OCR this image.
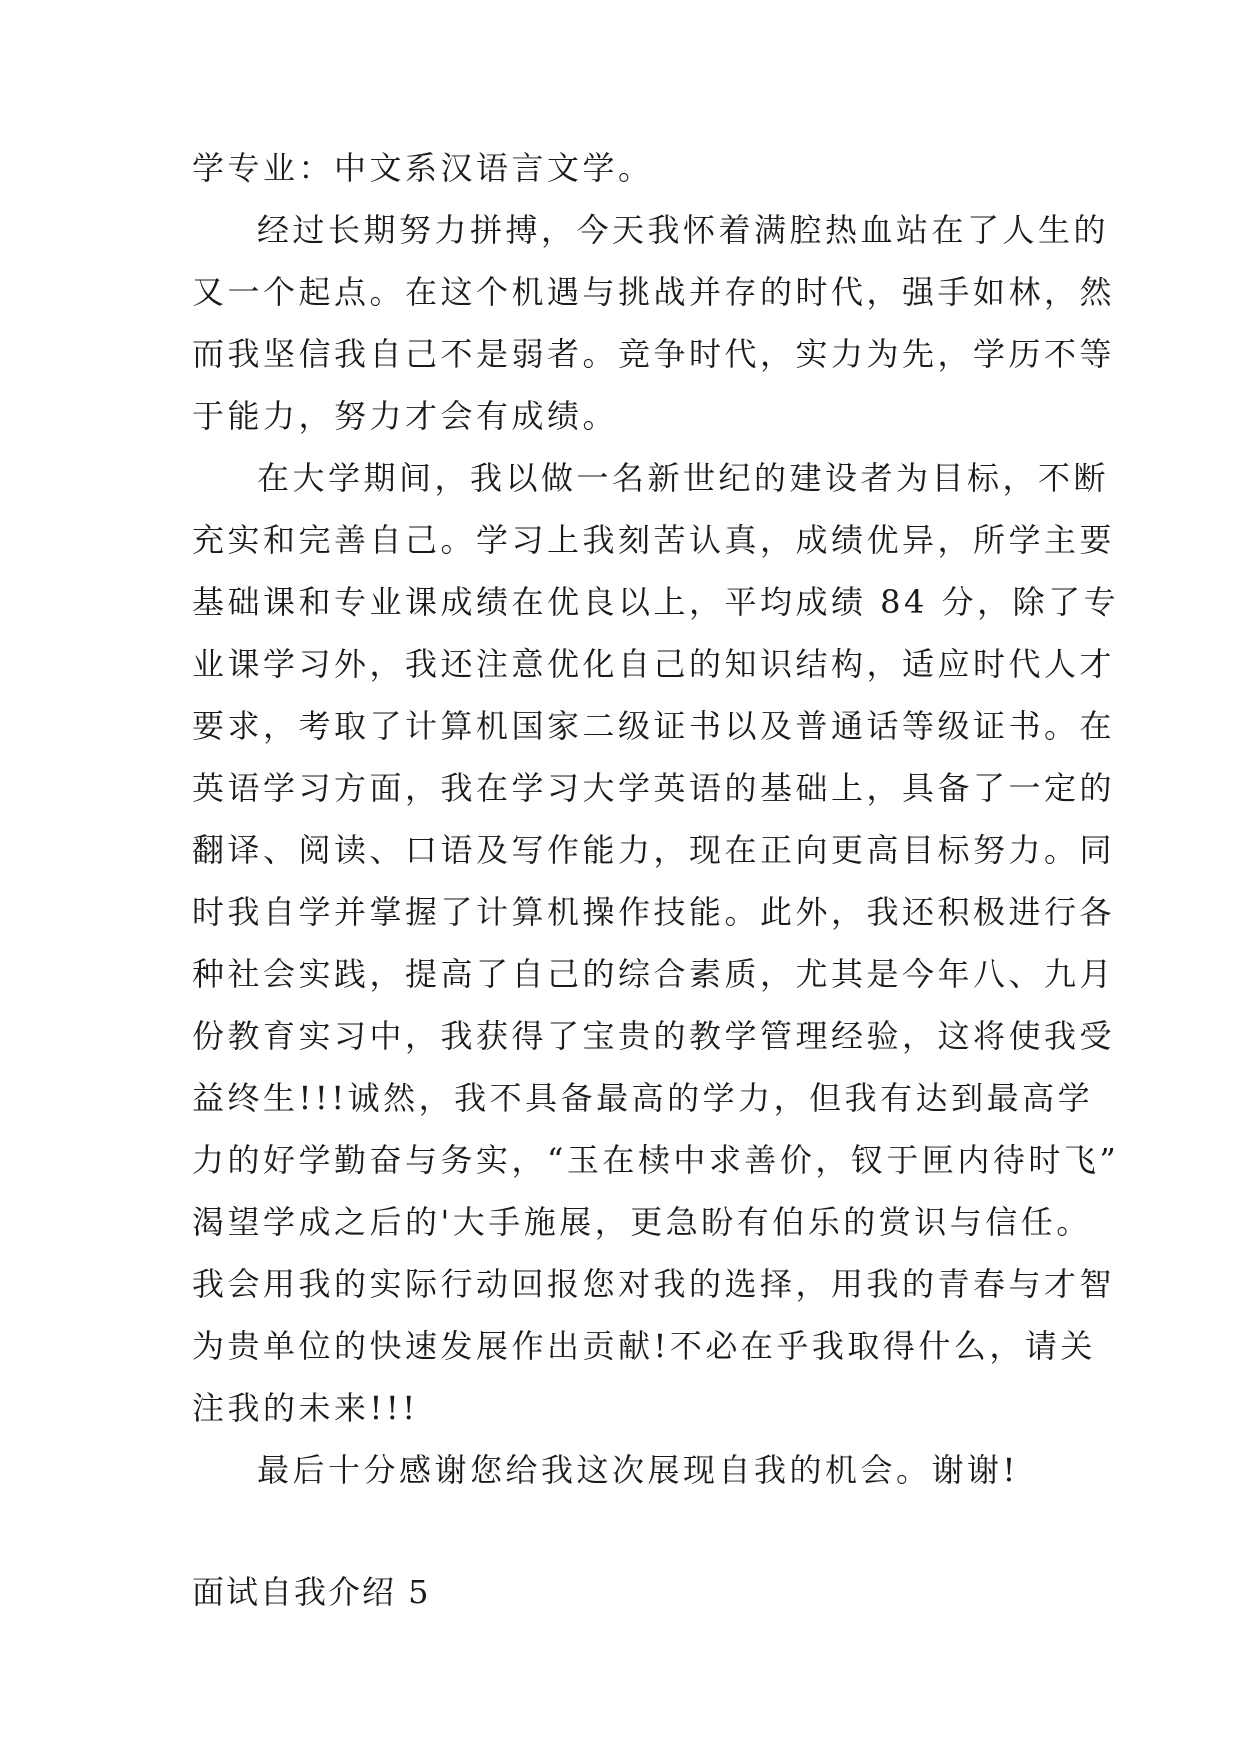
学专业：中文系汉语言文学。
经过长期努力拼搏，今天我怀着满腔热血站在了人生的
又一个起点。在这个机遇与挑战并存的时代，强手如林，然
而我坚信我自己不是弱者。竞争时代，实力为先，学历不等
于能力，努力才会有成绩。
在大学期间，我以做一名新世纪的建设者为目标，不断
充实和完善自己。学习上我刻苦认真，成绩优异，所学主要
基础课和专业课成绩在优良以上，平均成绩 84 分，除了专
业课学习外，我还注意优化自己的知识结构，适应时代人才
要求，考取了计算机国家二级证书以及普通话等级证书。在
英语学习方面，我在学习大学英语的基础上，具备了一定的
翻译、阅读、口语及写作能力，现在正向更高目标努力。同
时我自学并掌握了计算机操作技能。此外，我还积极进行各
种社会实践，提高了自己的综合素质，尤其是今年八、九月
份教育实习中，我获得了宝贵的教学管理经验，这将使我受
益终生!!!诚然，我不具备最高的学力，但我有达到最高学
力的好学勤奋与务实，“玉在椟中求善价，钗于匣内待时飞”
渴望学成之后的'大手施展，更急盼有伯乐的赏识与信任。
我会用我的实际行动回报您对我的选择，用我的青春与才智
为贵单位的快速发展作出贡献!不必在乎我取得什么，请关
注我的未来!!!
最后十分感谢您给我这次展现自我的机会。谢谢!
面试自我介绍 5
